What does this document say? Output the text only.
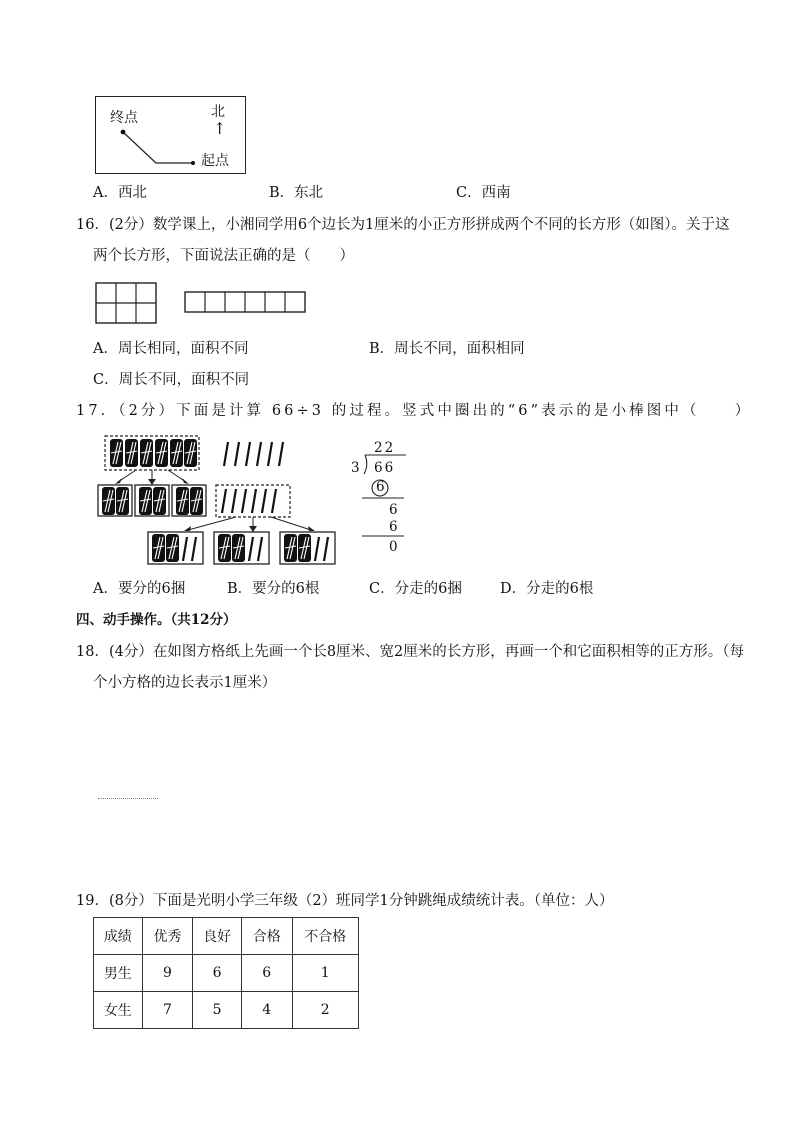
终点	北
↑
起点
A．西北	B．东北	C．西南
16．(2分）数学课上，小湘同学用6个边长为1厘米的小正方形拼成两个不同的长方形（如图）。关于这
两个长方形，下面说法正确的是（　　）
A．周长相同，面积不同	B．周长不同，面积相同
C．周长不同，面积不同
17．（2分）下面是计算 66÷3 的过程。竖式中圈出的“6”表示的是小棒图中（　　）
22
3 66
6
6
6
0
A．要分的6捆	B．要分的6根	C．分走的6捆	D．分走的6根
四、动手操作。（共12分）
18．(4分）在如图方格纸上先画一个长8厘米、宽2厘米的长方形，再画一个和它面积相等的正方形。（每
个小方格的边长表示1厘米）
19．(8分）下面是光明小学三年级（2）班同学1分钟跳绳成绩统计表。（单位：人）
成绩	优秀	良好	合格	不合格
男生	9	6	6	1
女生	7	5	4	2
